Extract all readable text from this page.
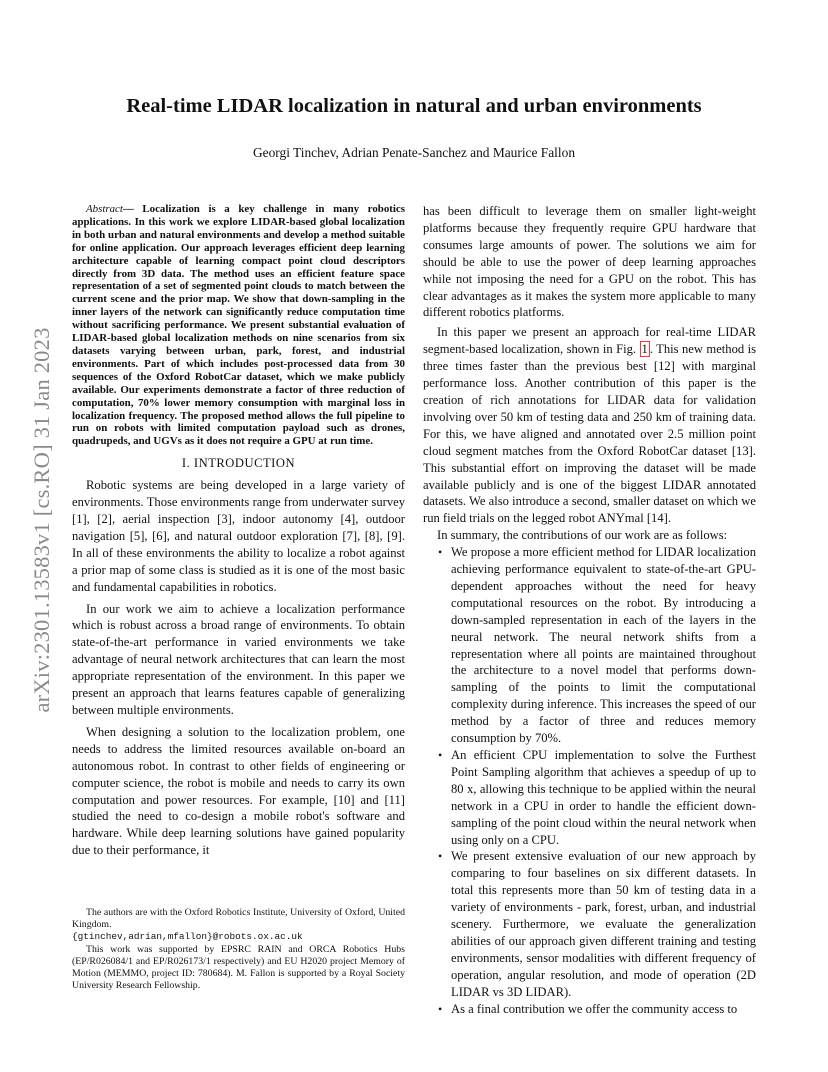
arXiv:2301.13583v1 [cs.RO] 31 Jan 2023
Real-time LIDAR localization in natural and urban environments
Georgi Tinchev, Adrian Penate-Sanchez and Maurice Fallon

Abstract— Localization is a key challenge in many robotics applications. In this work we explore LIDAR-based global localization in both urban and natural environments and develop a method suitable for online application. Our approach leverages efficient deep learning architecture capable of learning compact point cloud descriptors directly from 3D data. The method uses an efficient feature space representation of a set of segmented point clouds to match between the current scene and the prior map. We show that down-sampling in the inner layers of the network can significantly reduce computation time without sacrificing performance. We present substantial evaluation of LIDAR-based global localization methods on nine scenarios from six datasets varying between urban, park, forest, and industrial environments. Part of which includes post-processed data from 30 sequences of the Oxford RobotCar dataset, which we make publicly available. Our experiments demonstrate a factor of three reduction of computation, 70% lower memory consumption with marginal loss in localization frequency. The proposed method allows the full pipeline to run on robots with limited computation payload such as drones, quadrupeds, and UGVs as it does not require a GPU at run time.

I. INTRODUCTION

Robotic systems are being developed in a large variety of environments. Those environments range from underwater survey [1], [2], aerial inspection [3], indoor autonomy [4], outdoor navigation [5], [6], and natural outdoor exploration [7], [8], [9]. In all of these environments the ability to localize a robot against a prior map of some class is studied as it is one of the most basic and fundamental capabilities in robotics.

In our work we aim to achieve a localization performance which is robust across a broad range of environments. To obtain state-of-the-art performance in varied environments we take advantage of neural network architectures that can learn the most appropriate representation of the environment. In this paper we present an approach that learns features capable of generalizing between multiple environments.

When designing a solution to the localization problem, one needs to address the limited resources available on-board an autonomous robot. In contrast to other fields of engineering or computer science, the robot is mobile and needs to carry its own computation and power resources. For example, [10] and [11] studied the need to co-design a mobile robot's software and hardware. While deep learning solutions have gained popularity due to their performance, it

The authors are with the Oxford Robotics Institute, University of Oxford, United Kingdom.

{gtinchev,adrian,mfallon}@robots.ox.ac.uk

This work was supported by EPSRC RAIN and ORCA Robotics Hubs (EP/R026084/1 and EP/R026173/1 respectively) and EU H2020 project Memory of Motion (MEMMO, project ID: 780684). M. Fallon is supported by a Royal Society University Research Fellowship.

has been difficult to leverage them on smaller light-weight platforms because they frequently require GPU hardware that consumes large amounts of power. The solutions we aim for should be able to use the power of deep learning approaches while not imposing the need for a GPU on the robot. This has clear advantages as it makes the system more applicable to many different robotics platforms.

In this paper we present an approach for real-time LIDAR segment-based localization, shown in Fig. 1 . This new method is three times faster than the previous best [12] with marginal performance loss. Another contribution of this paper is the creation of rich annotations for LIDAR data for validation involving over 50 km of testing data and 250 km of training data. For this, we have aligned and annotated over 2.5 million point cloud segment matches from the Oxford RobotCar dataset [13]. This substantial effort on improving the dataset will be made available publicly and is one of the biggest LIDAR annotated datasets. We also introduce a second, smaller dataset on which we run field trials on the legged robot ANYmal [14].

In summary, the contributions of our work are as follows:

• We propose a more efficient method for LIDAR localization achieving performance equivalent to state-of-the-art GPU-dependent approaches without the need for heavy computational resources on the robot. By introducing a down-sampled representation in each of the layers in the neural network. The neural network shifts from a representation where all points are maintained throughout the architecture to a novel model that performs down-sampling of the points to limit the computational complexity during inference. This increases the speed of our method by a factor of three and reduces memory consumption by 70%.

• An efficient CPU implementation to solve the Furthest Point Sampling algorithm that achieves a speedup of up to 80 x, allowing this technique to be applied within the neural network in a CPU in order to handle the efficient down-sampling of the point cloud within the neural network when using only on a CPU.

• We present extensive evaluation of our new approach by comparing to four baselines on six different datasets. In total this represents more than 50 km of testing data in a variety of environments - park, forest, urban, and industrial scenery. Furthermore, we evaluate the generalization abilities of our approach given different training and testing environments, sensor modalities with different frequency of operation, angular resolution, and mode of operation (2D LIDAR vs 3D LIDAR).

• As a final contribution we offer the community access to
